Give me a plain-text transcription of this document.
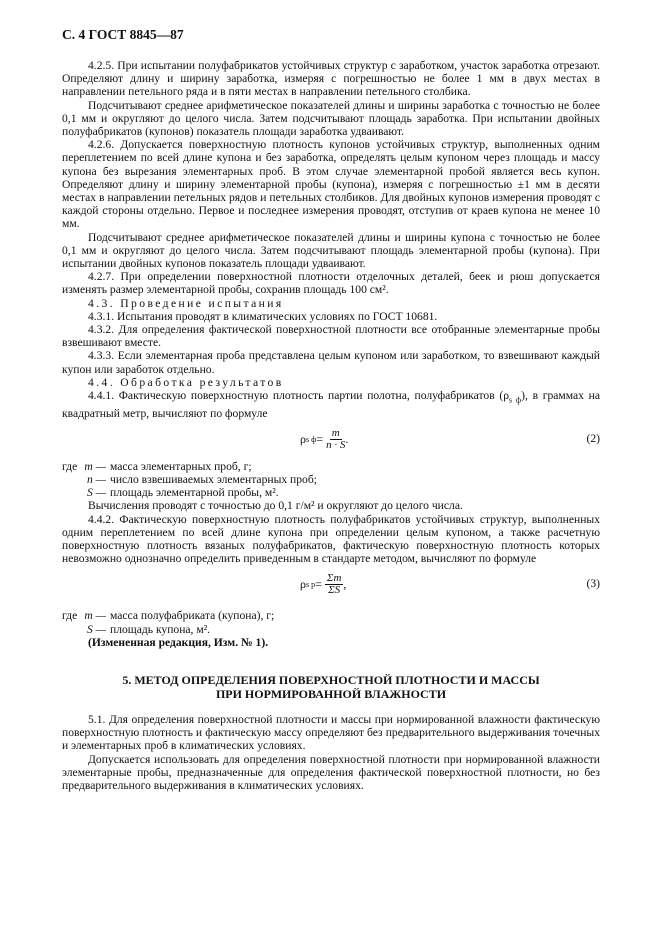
С. 4 ГОСТ 8845—87

4.2.5. При испытании полуфабрикатов устойчивых структур с заработком, участок заработка отрезают. Определяют длину и ширину заработка, измеряя с погрешностью не более 1 мм в двух местах в направлении петельного ряда и в пяти местах в направлении петельного столбика.

Подсчитывают среднее арифметическое показателей длины и ширины заработка с точностью не более 0,1 мм и округляют до целого числа. Затем подсчитывают площадь заработка. При испытании двойных полуфабрикатов (купонов) показатель площади заработка удваивают.

4.2.6. Допускается поверхностную плотность купонов устойчивых структур, выполненных одним переплетением по всей длине купона и без заработка, определять целым купоном через площадь и массу купона без вырезания элементарных проб. В этом случае элементарной пробой является весь купон. Определяют длину и ширину элементарной пробы (купона), измеряя с погрешностью ±1 мм в десяти местах в направлении петельных рядов и петельных столбиков. Для двойных купонов измерения проводят с каждой стороны отдельно. Первое и последнее измерения проводят, отступив от краев купона не менее 10 мм.

Подсчитывают среднее арифметическое показателей длины и ширины купона с точностью не более 0,1 мм и округляют до целого числа. Затем подсчитывают площадь элементарной пробы (купона). При испытании двойных купонов показатель площади удваивают.

4.2.7. При определении поверхностной плотности отделочных деталей, беек и рюш допускается изменять размер элементарной пробы, сохранив площадь 100 см².

4.3. Проведение испытания

4.3.1. Испытания проводят в климатических условиях по ГОСТ 10681.

4.3.2. Для определения фактической поверхностной плотности все отобранные элементарные пробы взвешивают вместе.

4.3.3. Если элементарная проба представлена целым купоном или заработком, то взвешивают каждый купон или заработок отдельно.

4.4. Обработка результатов

4.4.1. Фактическую поверхностную плотность партии полотна, полуфабрикатов $(\rho_{s ф})$, в граммах на квадратный метр, вычисляют по формуле

ρ s $ф = \frac{m}{n \cdot S}$ .	(2)
где m — масса элементарных проб, г;
n — число взвешиваемых элементарных проб;
S — площадь элементарной пробы, м².

Вычисления проводят с точностью до 0,1 г/м² и округляют до целого числа.

4.4.2. Фактическую поверхностную плотность полуфабрикатов устойчивых структур, выполненных одним переплетением по всей длине купона при определении целым купоном, а также расчетную поверхностную плотность вязаных полуфабрикатов, фактическую поверхностную плотность которых невозможно однозначно определить приведенным в стандарте методом, вычисляют по формуле

ρ s $р = \frac{\Sigma m}{\Sigma S}$ ,	(3)
где m — масса полуфабриката (купона), г;
S — площадь купона, м².

(Измененная редакция, Изм. № 1).

5. МЕТОД ОПРЕДЕЛЕНИЯ ПОВЕРХНОСТНОЙ ПЛОТНОСТИ И МАССЫ
ПРИ НОРМИРОВАННОЙ ВЛАЖНОСТИ

5.1. Для определения поверхностной плотности и массы при нормированной влажности фактическую поверхностную плотность и фактическую массу определяют без предварительного выдерживания точечных и элементарных проб в климатических условиях.

Допускается использовать для определения поверхностной плотности при нормированной влажности элементарные пробы, предназначенные для определения фактической поверхностной плотности, но без предварительного выдерживания в климатических условиях.
